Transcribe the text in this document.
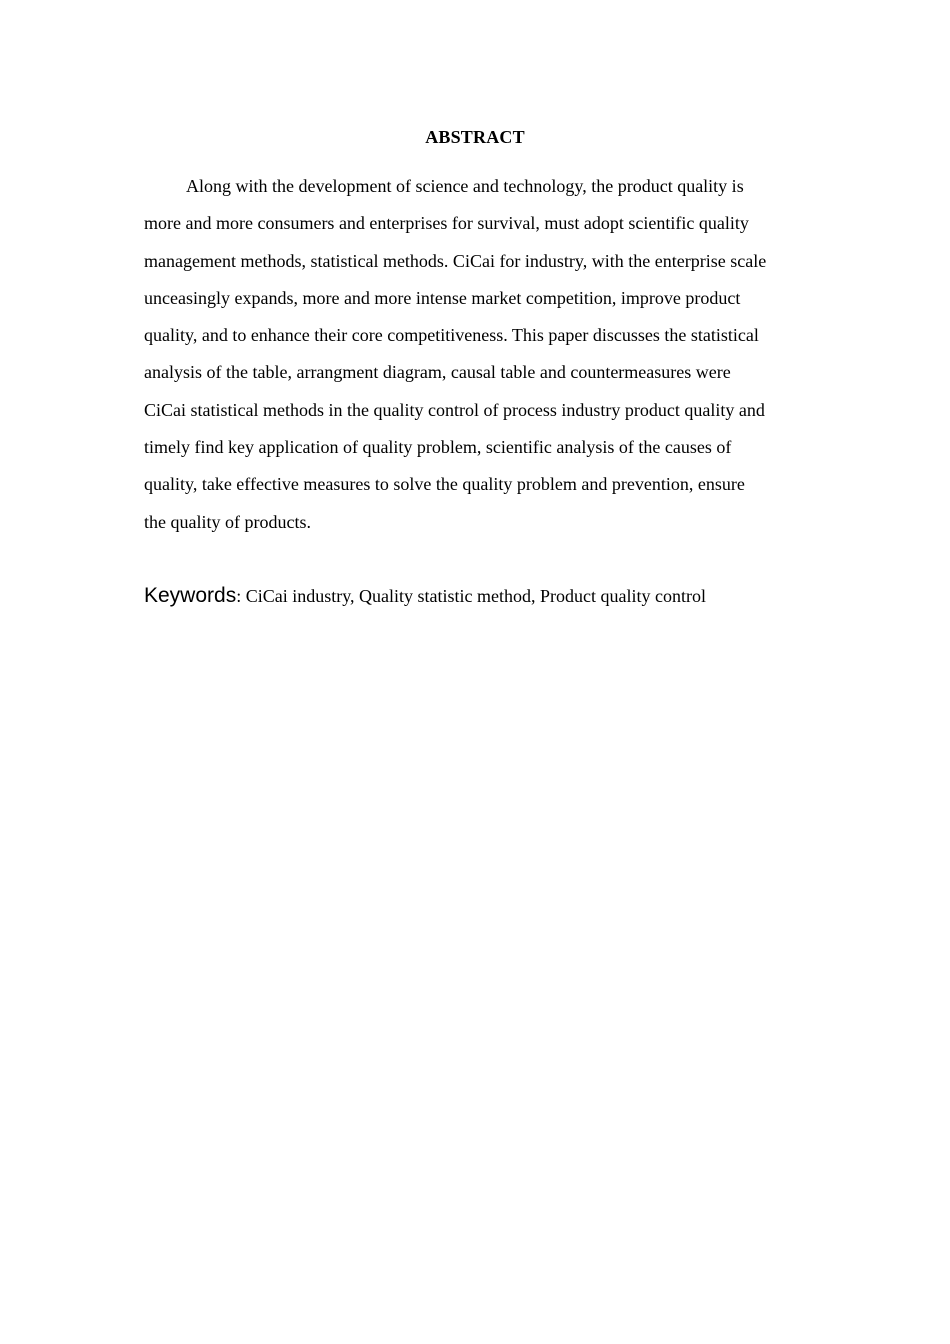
ABSTRACT

Along with the development of science and technology, the product quality is
more and more consumers and enterprises for survival, must adopt scientific quality
management methods, statistical methods. CiCai for industry, with the enterprise scale
unceasingly expands, more and more intense market competition, improve product
quality, and to enhance their core competitiveness. This paper discusses the statistical
analysis of the table, arrangment diagram, causal table and countermeasures were
CiCai statistical methods in the quality control of process industry product quality and
timely find key application of quality problem, scientific analysis of the causes of
quality, take effective measures to solve the quality problem and prevention, ensure
the quality of products.

Keywords: CiCai industry, Quality statistic method, Product quality control
